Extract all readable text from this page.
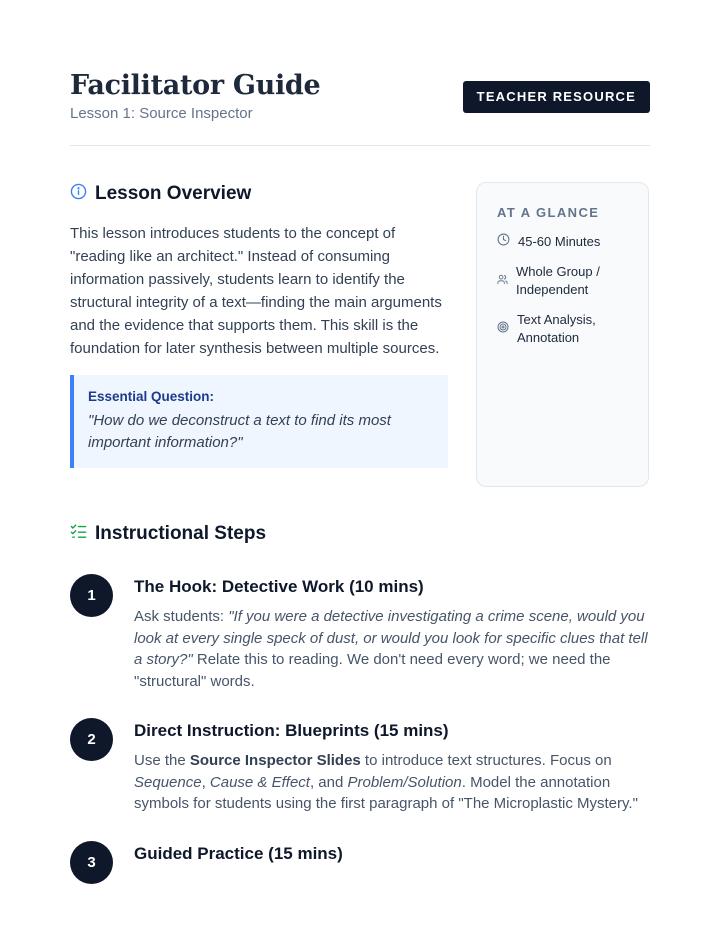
Facilitator Guide
Lesson 1: Source Inspector
TEACHER RESOURCE
Lesson Overview

This lesson introduces students to the concept of "reading like an architect." Instead of consuming information passively, students learn to identify the structural integrity of a text—finding the main arguments and the evidence that supports them. This skill is the foundation for later synthesis between multiple sources.

Essential Question:
"How do we deconstruct a text to find its most important information?"
AT A GLANCE
45-60 Minutes
Whole Group / Independent
Text Analysis, Annotation
Instructional Steps
1	The Hook: Detective Work (10 mins)

Ask students: "If you were a detective investigating a crime scene, would you look at every single speck of dust, or would you look for specific clues that tell a story?" Relate this to reading. We don't need every word; we need the "structural" words.

2	Direct Instruction: Blueprints (15 mins)

Use the Source Inspector Slides to introduce text structures. Focus on Sequence, Cause & Effect, and Problem/Solution. Model the annotation symbols for students using the first paragraph of "The Microplastic Mystery."

3	Guided Practice (15 mins)
